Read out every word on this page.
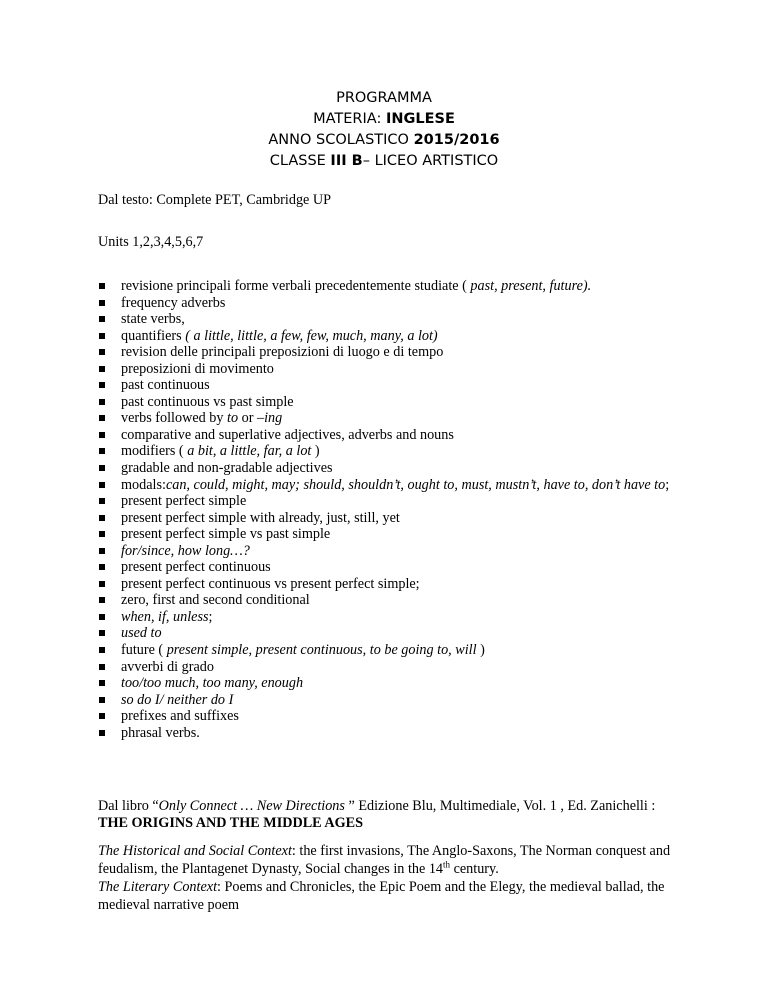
PROGRAMMA
MATERIA: INGLESE
ANNO SCOLASTICO 2015/2016
CLASSE III B– LICEO ARTISTICO
Dal testo: Complete PET, Cambridge UP
Units 1,2,3,4,5,6,7
revisione principali forme verbali precedentemente studiate ( past, present, future).
frequency adverbs
state verbs,
quantifiers ( a little, little, a few, few, much, many, a lot)
revision delle principali preposizioni di luogo e di tempo
preposizioni di movimento
past continuous
past continuous vs past simple
verbs followed by to or –ing
comparative and superlative adjectives, adverbs and nouns
modifiers ( a bit, a little, far, a lot )
gradable and non-gradable adjectives
modals:can, could, might, may; should, shouldn’t, ought to, must, mustn’t, have to, don’t have to;
present perfect simple
present perfect simple with already, just, still, yet
present perfect simple vs past simple
for/since, how long…?
present perfect continuous
present perfect continuous vs present perfect simple;
zero, first and second conditional
when, if, unless;
used to
future ( present simple, present continuous, to be going to, will )
avverbi di grado
too/too much, too many, enough
so do I/ neither do I
prefixes and suffixes
phrasal verbs.
Dal libro “Only Connect … New Directions ” Edizione Blu, Multimediale, Vol. 1 , Ed. Zanichelli :
THE ORIGINS AND THE MIDDLE AGES
The Historical and Social Context: the first invasions, The Anglo-Saxons, The Norman conquest and feudalism, the Plantagenet Dynasty, Social changes in the 14th century.
The Literary Context: Poems and Chronicles, the Epic Poem and the Elegy, the medieval ballad, the medieval narrative poem
